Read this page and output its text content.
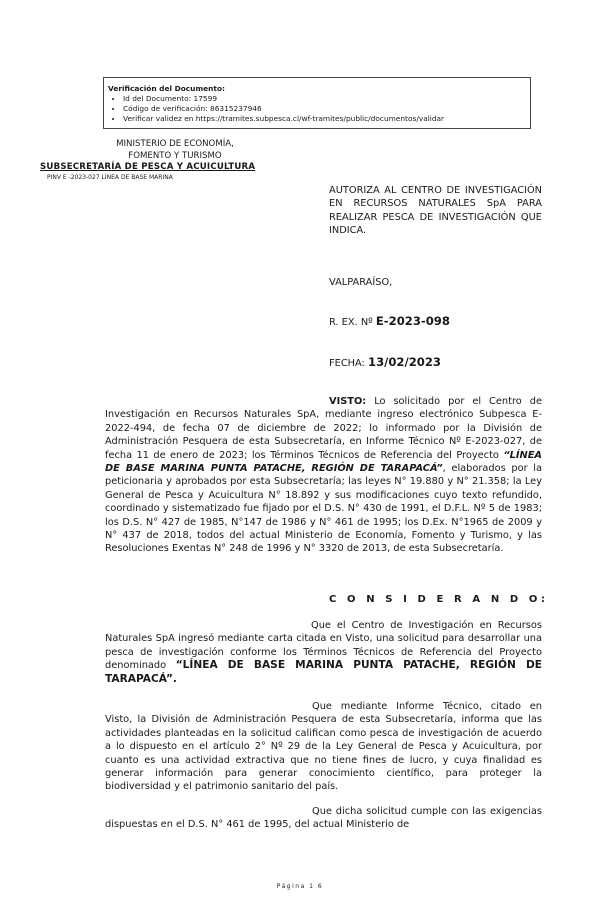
Verificación del Documento:
• Id del Documento: 17599
• Código de verificación: 86315237946
• Verificar validez en https://tramites.subpesca.cl/wf-tramites/public/documentos/validar
MINISTERIO DE ECONOMÍA,
FOMENTO Y TURISMO
SUBSECRETARÍA DE PESCA Y ACUICULTURA
PINV E -2023-027 LÍNEA DE BASE MARINA
AUTORIZA AL CENTRO DE INVESTIGACIÓN EN RECURSOS NATURALES SpA PARA REALIZAR PESCA DE INVESTIGACIÓN QUE INDICA.
VALPARAÍSO,
R. EX. Nº E-2023-098
FECHA: 13/02/2023

VISTO: Lo solicitado por el Centro de Investigación en Recursos Naturales SpA, mediante ingreso electrónico Subpesca E-2022-494, de fecha 07 de diciembre de 2022; lo informado por la División de Administración Pesquera de esta Subsecretaría, en Informe Técnico Nº E-2023-027, de fecha 11 de enero de 2023; los Términos Técnicos de Referencia del Proyecto “LÍNEA DE BASE MARINA PUNTA PATACHE, REGIÓN DE TARAPACÁ”, elaborados por la peticionaria y aprobados por esta Subsecretaría; las leyes N° 19.880 y N° 21.358; la Ley General de Pesca y Acuicultura N° 18.892 y sus modificaciones cuyo texto refundido, coordinado y sistematizado fue fijado por el D.S. N° 430 de 1991, el D.F.L. Nº 5 de 1983; los D.S. N° 427 de 1985, N°147 de 1986 y N° 461 de 1995; los D.Ex. N°1965 de 2009 y N° 437 de 2018, todos del actual Ministerio de Economía, Fomento y Turismo, y las Resoluciones Exentas N° 248 de 1996 y N° 3320 de 2013, de esta Subsecretaría.

C O N S I D E R A N D O:

Que el Centro de Investigación en Recursos Naturales SpA ingresó mediante carta citada en Visto, una solicitud para desarrollar una pesca de investigación conforme los Términos Técnicos de Referencia del Proyecto denominado “LÍNEA DE BASE MARINA PUNTA PATACHE, REGIÓN DE TARAPACÁ”.

Que mediante Informe Técnico, citado en Visto, la División de Administración Pesquera de esta Subsecretaría, informa que las actividades planteadas en la solicitud califican como pesca de investigación de acuerdo a lo dispuesto en el artículo 2° Nº 29 de la Ley General de Pesca y Acuicultura, por cuanto es una actividad extractiva que no tiene fines de lucro, y cuya finalidad es generar información para generar conocimiento científico, para proteger la biodiversidad y el patrimonio sanitario del país.

Que dicha solicitud cumple con las exigencias dispuestas en el D.S. N° 461 de 1995, del actual Ministerio de

Página 1 6
